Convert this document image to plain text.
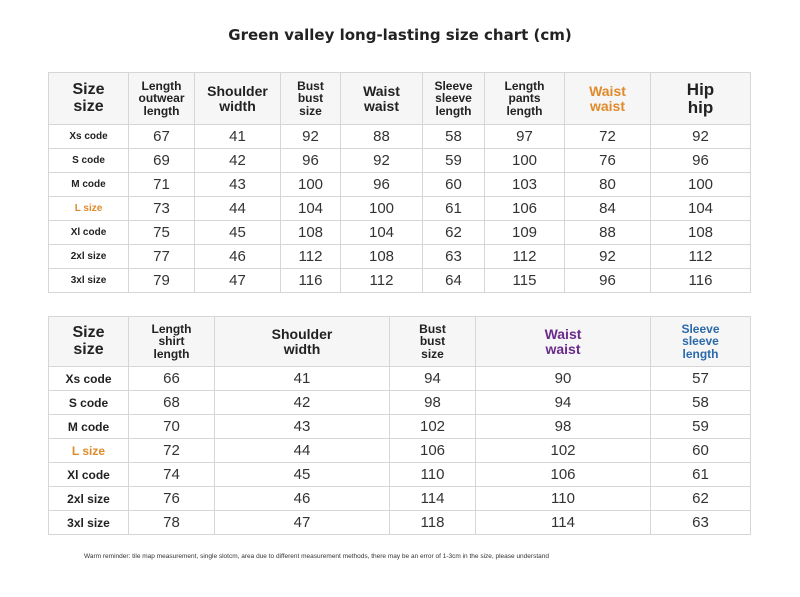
Green valley long-lasting size chart (cm)
Size
size	Length
outwear
length	Shoulder
width	Bust
bust
size	Waist
waist	Sleeve
sleeve
length	Length
pants
length	Waist
waist	Hip
hip

Xs code	67	41	92	88	58	97	72	92
S code	69	42	96	92	59	100	76	96
M code	71	43	100	96	60	103	80	100
L size	73	44	104	100	61	106	84	104
Xl code	75	45	108	104	62	109	88	108
2xl size	77	46	112	108	63	112	92	112
3xl size	79	47	116	112	64	115	96	116
Size
size	Length
shirt
length	Shoulder
width	Bust
bust
size	Waist
waist	Sleeve
sleeve
length

Xs code	66	41	94	90	57
S code	68	42	98	94	58
M code	70	43	102	98	59
L size	72	44	106	102	60
Xl code	74	45	110	106	61
2xl size	76	46	114	110	62
3xl size	78	47	118	114	63
Warm reminder: tile map measurement, single slotcm, area due to different measurement methods, there may be an error of 1-3cm in the size, please understand
